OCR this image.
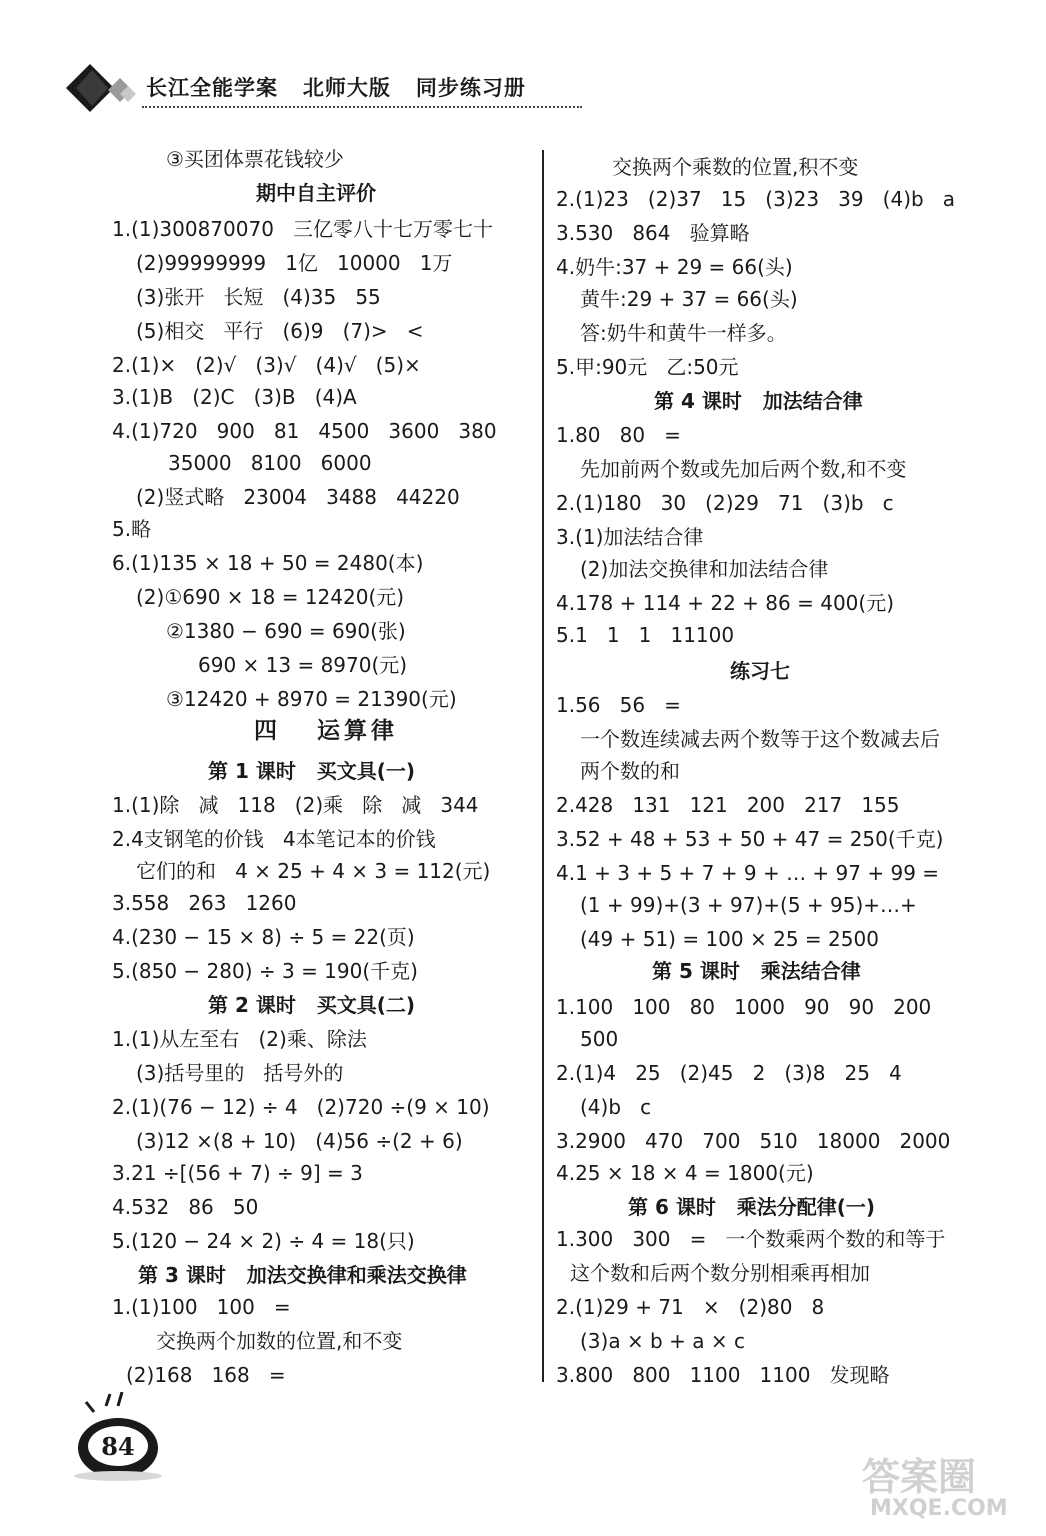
长江全能学案   北师大版   同步练习册
③买团体票花钱较少
期中自主评价
1.(1)300870070   三亿零八十七万零七十
(2)99999999   1亿   10000   1万
(3)张开   长短   (4)35   55
(5)相交   平行   (6)9   (7)>   <
2.(1)×   (2)√   (3)√   (4)√   (5)×
3.(1)B   (2)C   (3)B   (4)A
4.(1)720   900   81   4500   3600   380
35000   8100   6000
(2)竖式略   23004   3488   44220
5.略
6.(1)135 × 18 + 50 = 2480(本)
(2)①690 × 18 = 12420(元)
②1380 − 690 = 690(张)
690 × 13 = 8970(元)
③12420 + 8970 = 21390(元)
四   运算律
第 1 课时   买文具(一)
1.(1)除   减   118   (2)乘   除   减   344
2.4支钢笔的价钱   4本笔记本的价钱
它们的和   4 × 25 + 4 × 3 = 112(元)
3.558   263   1260
4.(230 − 15 × 8) ÷ 5 = 22(页)
5.(850 − 280) ÷ 3 = 190(千克)
第 2 课时   买文具(二)
1.(1)从左至右   (2)乘、除法
(3)括号里的   括号外的
2.(1)(76 − 12) ÷ 4   (2)720 ÷(9 × 10)
(3)12 ×(8 + 10)   (4)56 ÷(2 + 6)
3.21 ÷[(56 + 7) ÷ 9] = 3
4.532   86   50
5.(120 − 24 × 2) ÷ 4 = 18(只)
第 3 课时   加法交换律和乘法交换律
1.(1)100   100   =
交换两个加数的位置,和不变
(2)168   168   =
交换两个乘数的位置,积不变
2.(1)23   (2)37   15   (3)23   39   (4)b   a
3.530   864   验算略
4.奶牛:37 + 29 = 66(头)
黄牛:29 + 37 = 66(头)
答:奶牛和黄牛一样多。
5.甲:90元   乙:50元
第 4 课时   加法结合律
1.80   80   =
先加前两个数或先加后两个数,和不变
2.(1)180   30   (2)29   71   (3)b   c
3.(1)加法结合律
(2)加法交换律和加法结合律
4.178 + 114 + 22 + 86 = 400(元)
5.1   1   1   11100
练习七
1.56   56   =
一个数连续减去两个数等于这个数减去后
两个数的和
2.428   131   121   200   217   155
3.52 + 48 + 53 + 50 + 47 = 250(千克)
4.1 + 3 + 5 + 7 + 9 + … + 97 + 99 =
(1 + 99)+(3 + 97)+(5 + 95)+…+
(49 + 51) = 100 × 25 = 2500
第 5 课时   乘法结合律
1.100   100   80   1000   90   90   200
500
2.(1)4   25   (2)45   2   (3)8   25   4
(4)b   c
3.2900   470   700   510   18000   2000
4.25 × 18 × 4 = 1800(元)
第 6 课时   乘法分配律(一)
1.300   300   =   一个数乘两个数的和等于
这个数和后两个数分别相乘再相加
2.(1)29 + 71   ×   (2)80   8
(3)a × b + a × c
3.800   800   1100   1100   发现略
84
答案圈
MXQE.COM
